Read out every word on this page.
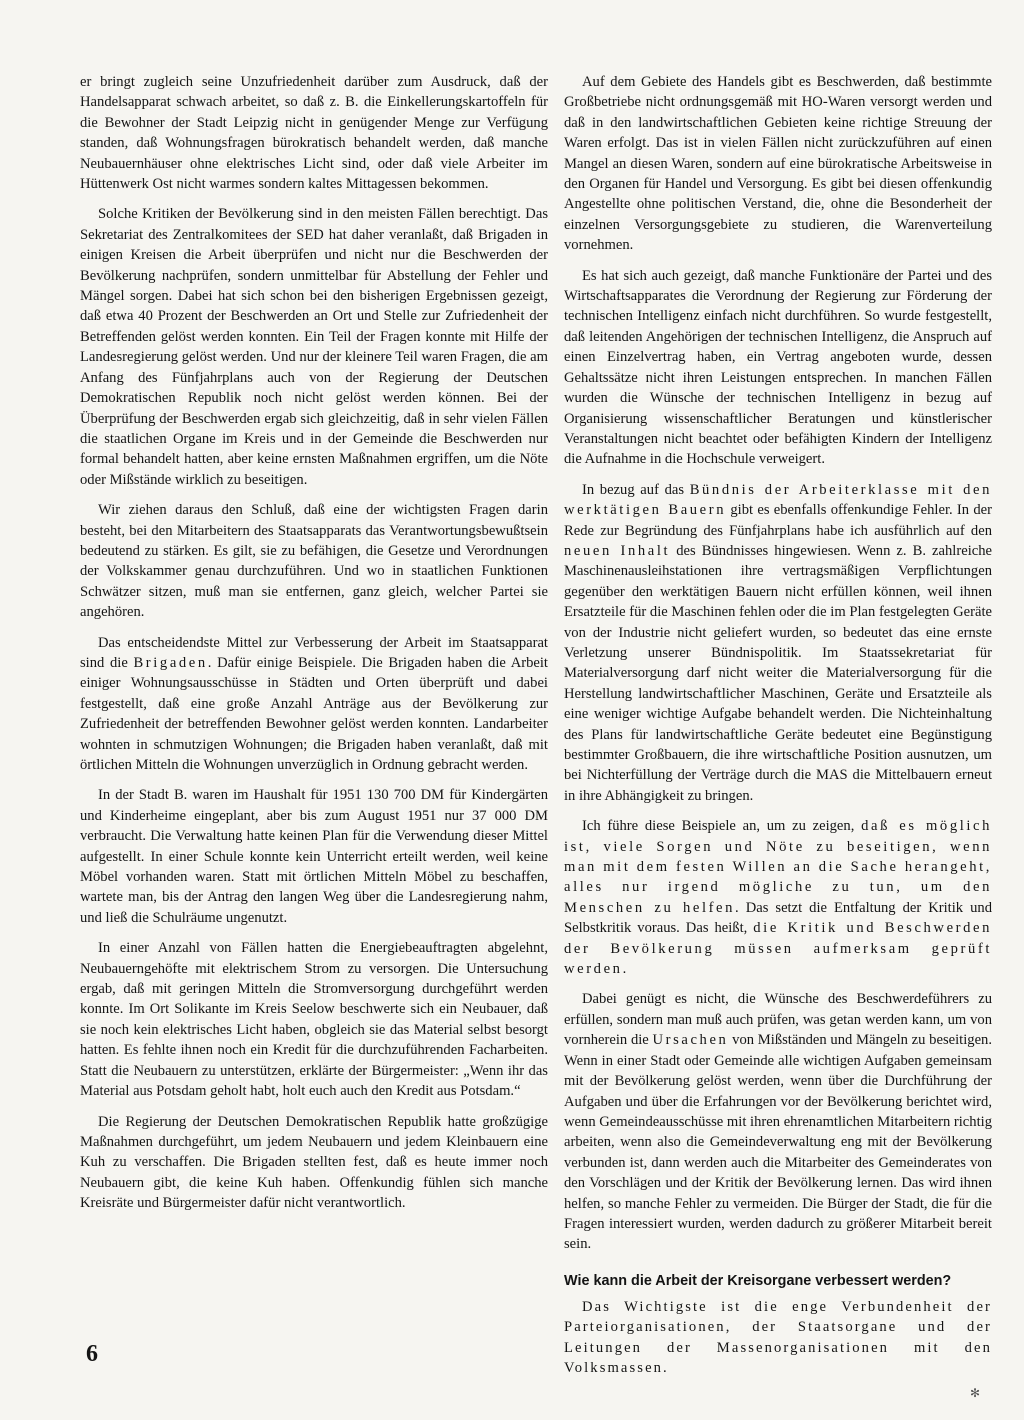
er bringt zugleich seine Unzufriedenheit darüber zum Ausdruck, daß der Handelsapparat schwach arbeitet, so daß z. B. die Einkellerungskartoffeln für die Bewohner der Stadt Leipzig nicht in genügender Menge zur Verfügung standen, daß Wohnungsfragen bürokratisch behandelt werden, daß manche Neubauernhäuser ohne elektrisches Licht sind, oder daß viele Arbeiter im Hüttenwerk Ost nicht warmes sondern kaltes Mittagessen bekommen.

Solche Kritiken der Bevölkerung sind in den meisten Fällen berechtigt. Das Sekretariat des Zentralkomitees der SED hat daher veranlaßt, daß Brigaden in einigen Kreisen die Arbeit überprüfen und nicht nur die Beschwerden der Bevölkerung nachprüfen, sondern unmittelbar für Abstellung der Fehler und Mängel sorgen. Dabei hat sich schon bei den bisherigen Ergebnissen gezeigt, daß etwa 40 Prozent der Beschwerden an Ort und Stelle zur Zufriedenheit der Betreffenden gelöst werden konnten. Ein Teil der Fragen konnte mit Hilfe der Landesregierung gelöst werden. Und nur der kleinere Teil waren Fragen, die am Anfang des Fünfjahrplans auch von der Regierung der Deutschen Demokratischen Republik noch nicht gelöst werden können. Bei der Überprüfung der Beschwerden ergab sich gleichzeitig, daß in sehr vielen Fällen die staatlichen Organe im Kreis und in der Gemeinde die Beschwerden nur formal behandelt hatten, aber keine ernsten Maßnahmen ergriffen, um die Nöte oder Mißstände wirklich zu beseitigen.

Wir ziehen daraus den Schluß, daß eine der wichtigsten Fragen darin besteht, bei den Mitarbeitern des Staatsapparats das Verantwortungsbewußtsein bedeutend zu stärken. Es gilt, sie zu befähigen, die Gesetze und Verordnungen der Volkskammer genau durchzuführen. Und wo in staatlichen Funktionen Schwätzer sitzen, muß man sie entfernen, ganz gleich, welcher Partei sie angehören.

Das entscheidendste Mittel zur Verbesserung der Arbeit im Staatsapparat sind die Brigaden. Dafür einige Beispiele. Die Brigaden haben die Arbeit einiger Wohnungsausschüsse in Städten und Orten überprüft und dabei festgestellt, daß eine große Anzahl Anträge aus der Bevölkerung zur Zufriedenheit der betreffenden Bewohner gelöst werden konnten. Landarbeiter wohnten in schmutzigen Wohnungen; die Brigaden haben veranlaßt, daß mit örtlichen Mitteln die Wohnungen unverzüglich in Ordnung gebracht werden.

In der Stadt B. waren im Haushalt für 1951 130 700 DM für Kindergärten und Kinderheime eingeplant, aber bis zum August 1951 nur 37 000 DM verbraucht. Die Verwaltung hatte keinen Plan für die Verwendung dieser Mittel aufgestellt. In einer Schule konnte kein Unterricht erteilt werden, weil keine Möbel vorhanden waren. Statt mit örtlichen Mitteln Möbel zu beschaffen, wartete man, bis der Antrag den langen Weg über die Landesregierung nahm, und ließ die Schulräume ungenutzt.

In einer Anzahl von Fällen hatten die Energiebeauftragten abgelehnt, Neubauerngehöfte mit elektrischem Strom zu versorgen. Die Untersuchung ergab, daß mit geringen Mitteln die Stromversorgung durchgeführt werden konnte. Im Ort Solikante im Kreis Seelow beschwerte sich ein Neubauer, daß sie noch kein elektrisches Licht haben, obgleich sie das Material selbst besorgt hatten. Es fehlte ihnen noch ein Kredit für die durchzuführenden Facharbeiten. Statt die Neubauern zu unterstützen, erklärte der Bürgermeister: „Wenn ihr das Material aus Potsdam geholt habt, holt euch auch den Kredit aus Potsdam.“

Die Regierung der Deutschen Demokratischen Republik hatte großzügige Maßnahmen durchgeführt, um jedem Neubauern und jedem Kleinbauern eine Kuh zu verschaffen. Die Brigaden stellten fest, daß es heute immer noch Neubauern gibt, die keine Kuh haben. Offenkundig fühlen sich manche Kreisräte und Bürgermeister dafür nicht verantwortlich.

Auf dem Gebiete des Handels gibt es Beschwerden, daß bestimmte Großbetriebe nicht ordnungsgemäß mit HO-Waren versorgt werden und daß in den landwirtschaftlichen Gebieten keine richtige Streuung der Waren erfolgt. Das ist in vielen Fällen nicht zurückzuführen auf einen Mangel an diesen Waren, sondern auf eine bürokratische Arbeitsweise in den Organen für Handel und Versorgung. Es gibt bei diesen offenkundig Angestellte ohne politischen Verstand, die, ohne die Besonderheit der einzelnen Versorgungsgebiete zu studieren, die Warenverteilung vornehmen.

Es hat sich auch gezeigt, daß manche Funktionäre der Partei und des Wirtschaftsapparates die Verordnung der Regierung zur Förderung der technischen Intelligenz einfach nicht durchführen. So wurde festgestellt, daß leitenden Angehörigen der technischen Intelligenz, die Anspruch auf einen Einzelvertrag haben, ein Vertrag angeboten wurde, dessen Gehaltssätze nicht ihren Leistungen entsprechen. In manchen Fällen wurden die Wünsche der technischen Intelligenz in bezug auf Organisierung wissenschaftlicher Beratungen und künstlerischer Veranstaltungen nicht beachtet oder befähigten Kindern der Intelligenz die Aufnahme in die Hochschule verweigert.

In bezug auf das Bündnis der Arbeiterklasse mit den werktätigen Bauern gibt es ebenfalls offenkundige Fehler. In der Rede zur Begründung des Fünfjahrplans habe ich ausführlich auf den neuen Inhalt des Bündnisses hingewiesen. Wenn z. B. zahlreiche Maschinenausleihstationen ihre vertragsmäßigen Verpflichtungen gegenüber den werktätigen Bauern nicht erfüllen können, weil ihnen Ersatzteile für die Maschinen fehlen oder die im Plan festgelegten Geräte von der Industrie nicht geliefert wurden, so bedeutet das eine ernste Verletzung unserer Bündnispolitik. Im Staatssekretariat für Materialversorgung darf nicht weiter die Materialversorgung für die Herstellung landwirtschaftlicher Maschinen, Geräte und Ersatzteile als eine weniger wichtige Aufgabe behandelt werden. Die Nichteinhaltung des Plans für landwirtschaftliche Geräte bedeutet eine Begünstigung bestimmter Großbauern, die ihre wirtschaftliche Position ausnutzen, um bei Nichterfüllung der Verträge durch die MAS die Mittelbauern erneut in ihre Abhängigkeit zu bringen.

Ich führe diese Beispiele an, um zu zeigen, daß es möglich ist, viele Sorgen und Nöte zu beseitigen, wenn man mit dem festen Willen an die Sache herangeht, alles nur irgend mögliche zu tun, um den Menschen zu helfen. Das setzt die Entfaltung der Kritik und Selbstkritik voraus. Das heißt, die Kritik und Beschwerden der Bevölkerung müssen aufmerksam geprüft werden.

Dabei genügt es nicht, die Wünsche des Beschwerdeführers zu erfüllen, sondern man muß auch prüfen, was getan werden kann, um von vornherein die Ursachen von Mißständen und Mängeln zu beseitigen. Wenn in einer Stadt oder Gemeinde alle wichtigen Aufgaben gemeinsam mit der Bevölkerung gelöst werden, wenn über die Durchführung der Aufgaben und über die Erfahrungen vor der Bevölkerung berichtet wird, wenn Gemeindeausschüsse mit ihren ehrenamtlichen Mitarbeitern richtig arbeiten, wenn also die Gemeindeverwaltung eng mit der Bevölkerung verbunden ist, dann werden auch die Mitarbeiter des Gemeinderates von den Vorschlägen und der Kritik der Bevölkerung lernen. Das wird ihnen helfen, so manche Fehler zu vermeiden. Die Bürger der Stadt, die für die Fragen interessiert wurden, werden dadurch zu größerer Mitarbeit bereit sein.

Wie kann die Arbeit der Kreisorgane verbessert werden?

Das Wichtigste ist die enge Verbundenheit der Parteiorganisationen, der Staatsorgane und der Leitungen der Massenorganisationen mit den Volksmassen.

6
✻
